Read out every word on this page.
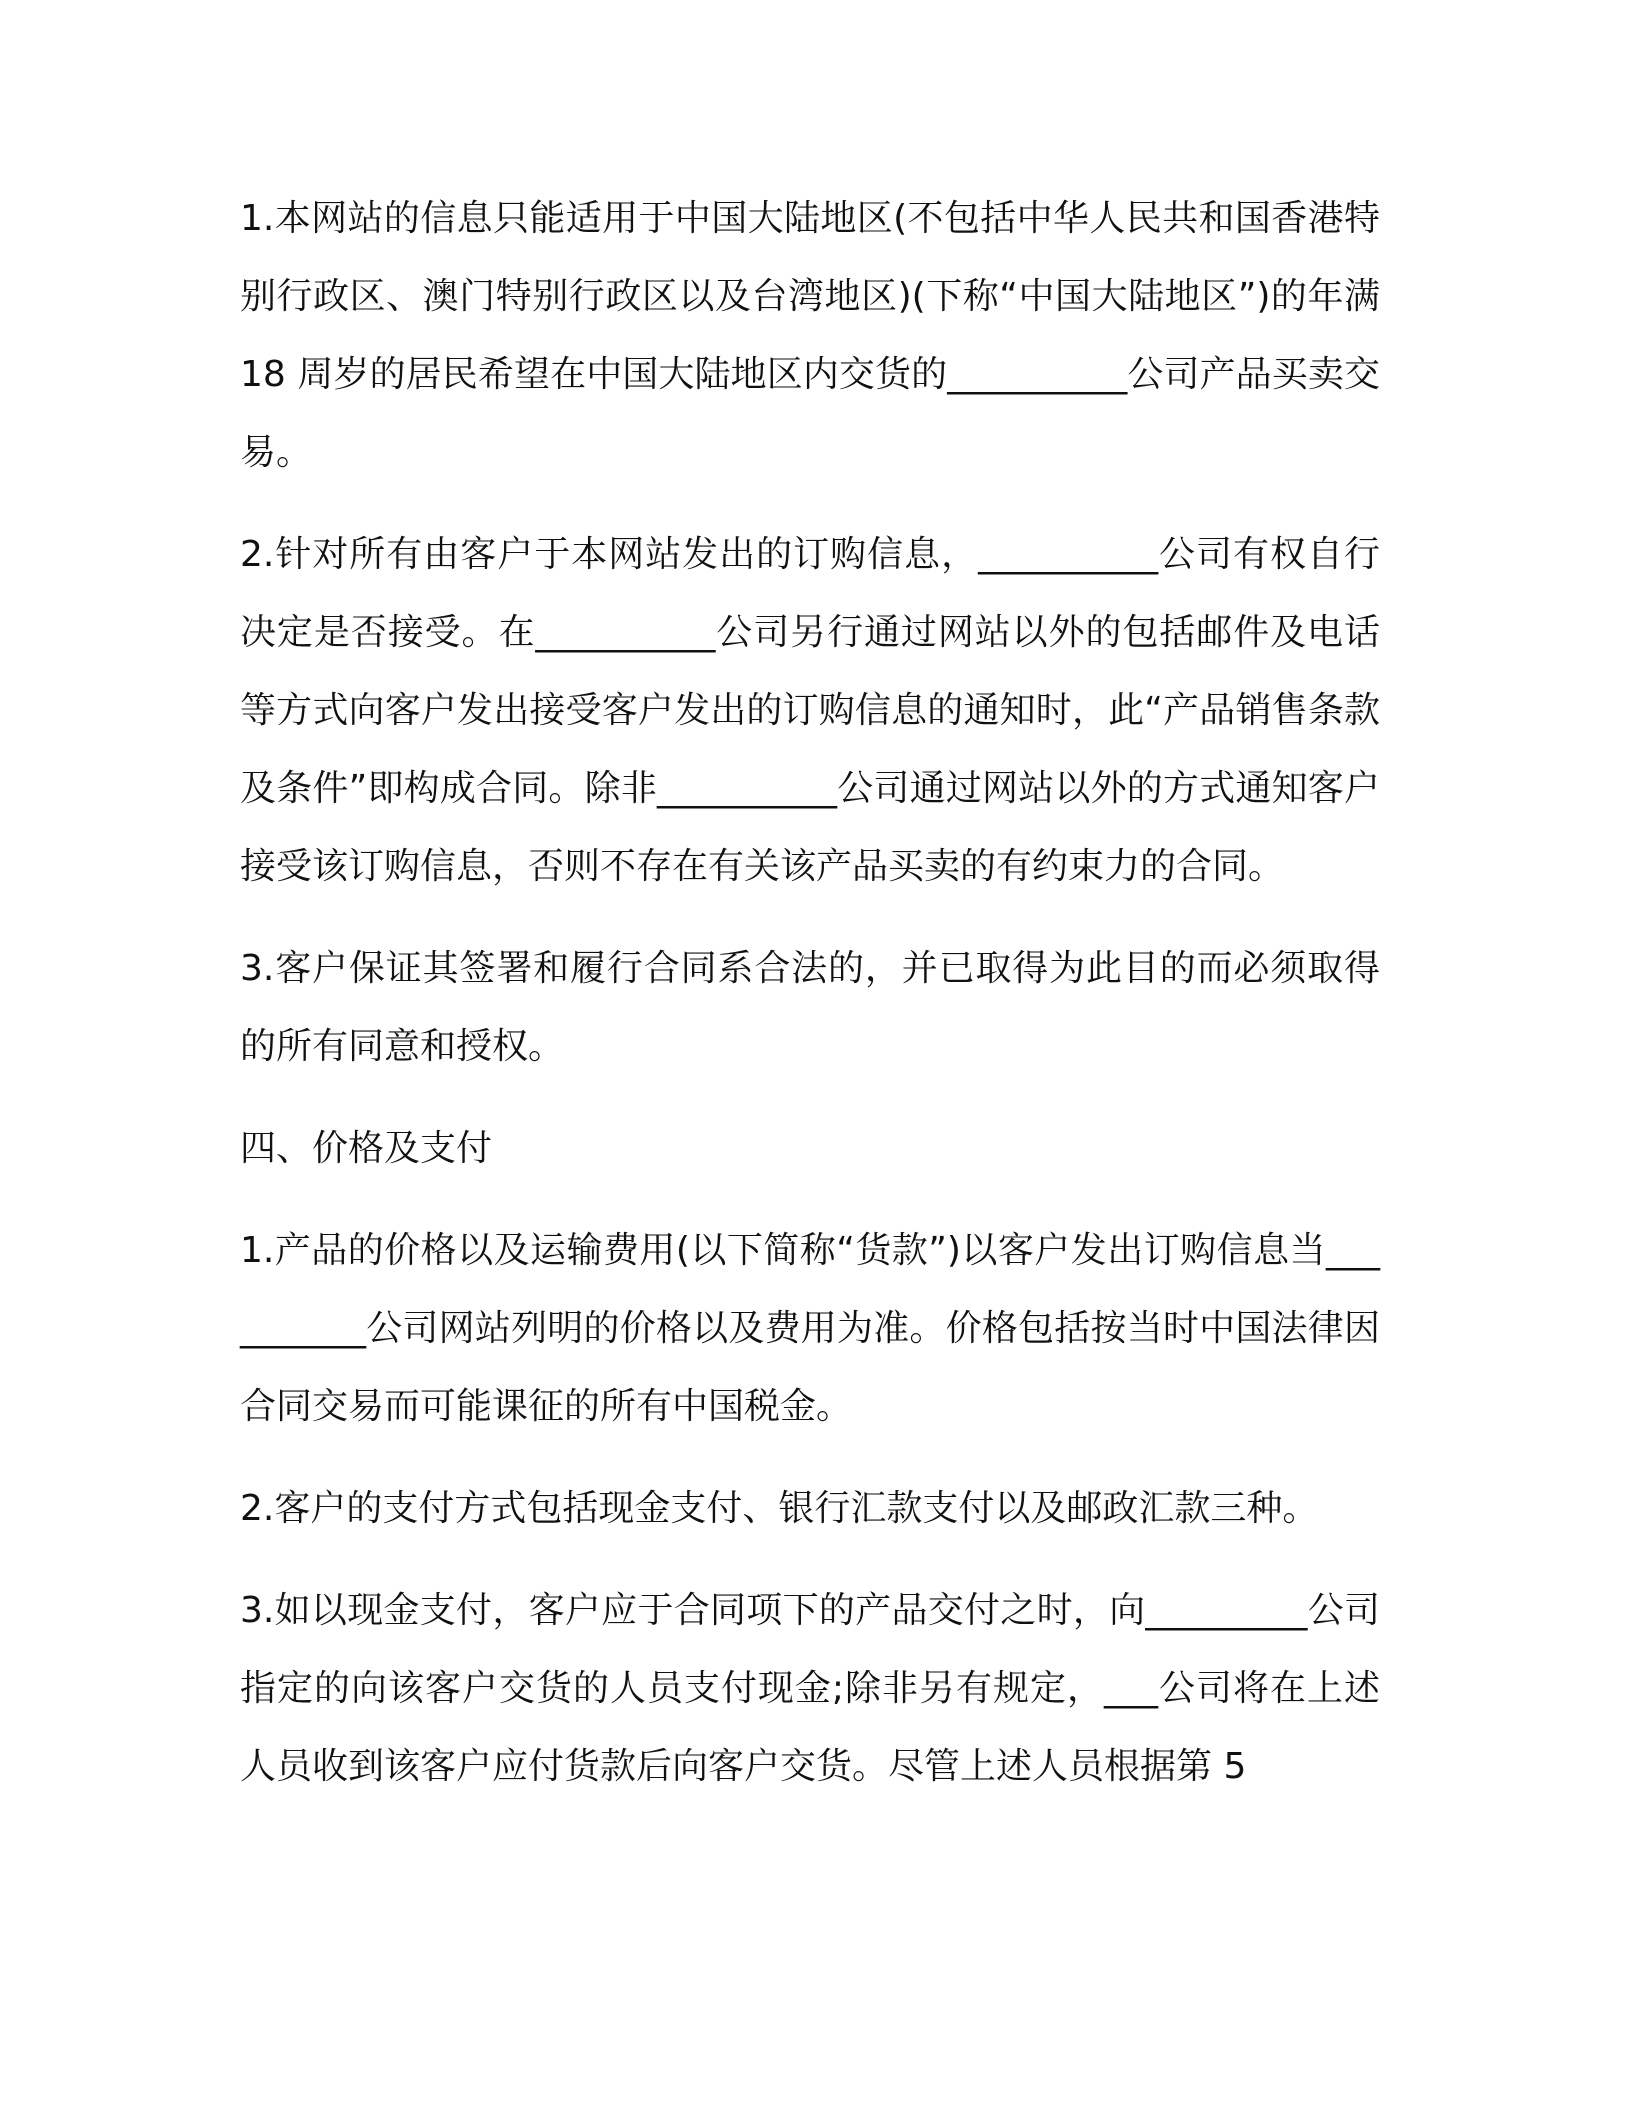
1.本网站的信息只能适用于中国大陆地区(不包括中华人民共和国香港特别行政区、澳门特别行政区以及台湾地区)(下称“中国大陆地区”)的年满 18 周岁的居民希望在中国大陆地区内交货的__________公司产品买卖交易。

2.针对所有由客户于本网站发出的订购信息，__________公司有权自行决定是否接受。在__________公司另行通过网站以外的包括邮件及电话等方式向客户发出接受客户发出的订购信息的通知时，此“产品销售条款及条件”即构成合同。除非__________公司通过网站以外的方式通知客户接受该订购信息，否则不存在有关该产品买卖的有约束力的合同。

3.客户保证其签署和履行合同系合法的，并已取得为此目的而必须取得的所有同意和授权。

四、价格及支付

1.产品的价格以及运输费用(以下简称“货款”)以客户发出订购信息当__________公司网站列明的价格以及费用为准。价格包括按当时中国法律因合同交易而可能课征的所有中国税金。

2.客户的支付方式包括现金支付、银行汇款支付以及邮政汇款三种。

3.如以现金支付，客户应于合同项下的产品交付之时，向_________公司指定的向该客户交货的人员支付现金;除非另有规定，___公司将在上述人员收到该客户应付货款后向客户交货。尽管上述人员根据第 5
